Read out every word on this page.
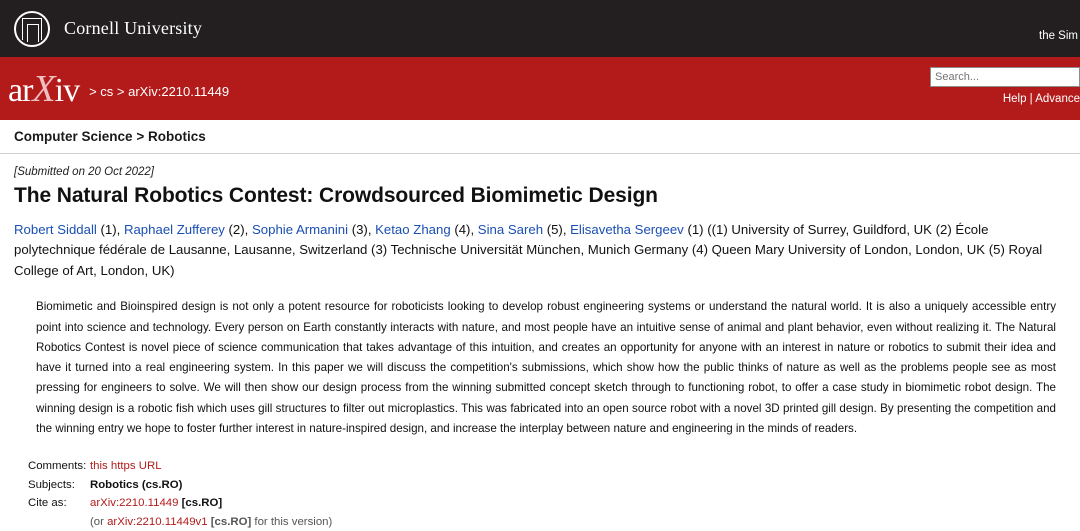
Cornell University	the Sim
arXiv > cs > arXiv:2210.11449
Search...	Help | Advance
Computer Science > Robotics
[Submitted on 20 Oct 2022]
The Natural Robotics Contest: Crowdsourced Biomimetic Design
Robert Siddall (1), Raphael Zufferey (2), Sophie Armanini (3), Ketao Zhang (4), Sina Sareh (5), Elisavetha Sergeev (1) ((1) University of Surrey, Guildford, UK (2) École polytechnique fédérale de Lausanne, Lausanne, Switzerland (3) Technische Universität München, Munich Germany (4) Queen Mary University of London, London, UK (5) Royal College of Art, London, UK)
Biomimetic and Bioinspired design is not only a potent resource for roboticists looking to develop robust engineering systems or understand the natural world. It is also a uniquely accessible entry point into science and technology. Every person on Earth constantly interacts with nature, and most people have an intuitive sense of animal and plant behavior, even without realizing it. The Natural Robotics Contest is novel piece of science communication that takes advantage of this intuition, and creates an opportunity for anyone with an interest in nature or robotics to submit their idea and have it turned into a real engineering system. In this paper we will discuss the competition's submissions, which show how the public thinks of nature as well as the problems people see as most pressing for engineers to solve. We will then show our design process from the winning submitted concept sketch through to functioning robot, to offer a case study in biomimetic robot design. The winning design is a robotic fish which uses gill structures to filter out microplastics. This was fabricated into an open source robot with a novel 3D printed gill design. By presenting the competition and the winning entry we hope to foster further interest in nature-inspired design, and increase the interplay between nature and engineering in the minds of readers.
Comments: this https URL
Subjects:	Robotics (cs.RO)
Cite as:	arXiv:2210.11449 [cs.RO]
(or arXiv:2210.11449v1 [cs.RO] for this version)
